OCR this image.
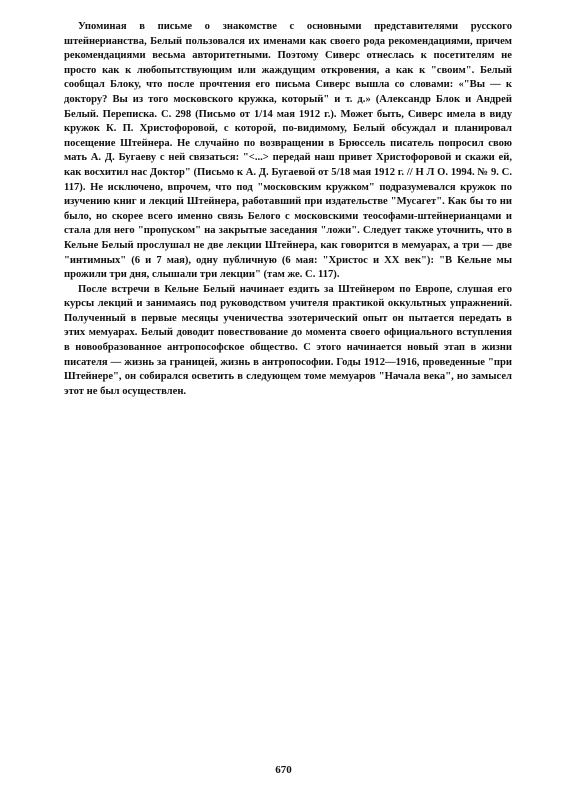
Упоминая в письме о знакомстве с основными представителями русского штейнерианства, Белый пользовался их именами как своего рода рекомендациями, причем рекомендациями весьма авторитетными. Поэтому Сиверс отнеслась к посетителям не просто как к любопытствующим или жаждущим откровения, а как к "своим". Белый сообщал Блоку, что после прочтения его письма Сиверс вышла со словами: «"Вы — к доктору? Вы из того московского кружка, который" и т. д.» (Александр Блок и Андрей Белый. Переписка. С. 298 (Письмо от 1/14 мая 1912 г.). Может быть, Сиверс имела в виду кружок К. П. Христофоровой, с которой, по-видимому, Белый обсуждал и планировал посещение Штейнера. Не случайно по возвращении в Брюссель писатель попросил свою мать А. Д. Бугаеву с ней связаться: "<...> передай наш привет Христофоровой и скажи ей, как восхитил нас Доктор" (Письмо к А. Д. Бугаевой от 5/18 мая 1912 г. // Н Л О. 1994. № 9. С. 117). Не исключено, впрочем, что под "московским кружком" подразумевался кружок по изучению книг и лекций Штейнера, работавший при издательстве "Мусагет". Как бы то ни было, но скорее всего именно связь Белого с московскими теософами-штейнерианцами и стала для него "пропуском" на закрытые заседания "ложи". Следует также уточнить, что в Кельне Белый прослушал не две лекции Штейнера, как говорится в мемуарах, а три — две "интимных" (6 и 7 мая), одну публичную (6 мая: "Христос и XX век"): "В Кельне мы прожили три дня, слышали три лекции" (там же. С. 117).

После встречи в Кельне Белый начинает ездить за Штейнером по Европе, слушая его курсы лекций и занимаясь под руководством учителя практикой оккультных упражнений. Полученный в первые месяцы ученичества эзотерический опыт он пытается передать в этих мемуарах. Белый доводит повествование до момента своего официального вступления в новообразованное антропософское общество. С этого начинается новый этап в жизни писателя — жизнь за границей, жизнь в антропософии. Годы 1912—1916, проведенные "при Штейнере", он собирался осветить в следующем томе мемуаров "Начала века", но замысел этот не был осуществлен.

670
